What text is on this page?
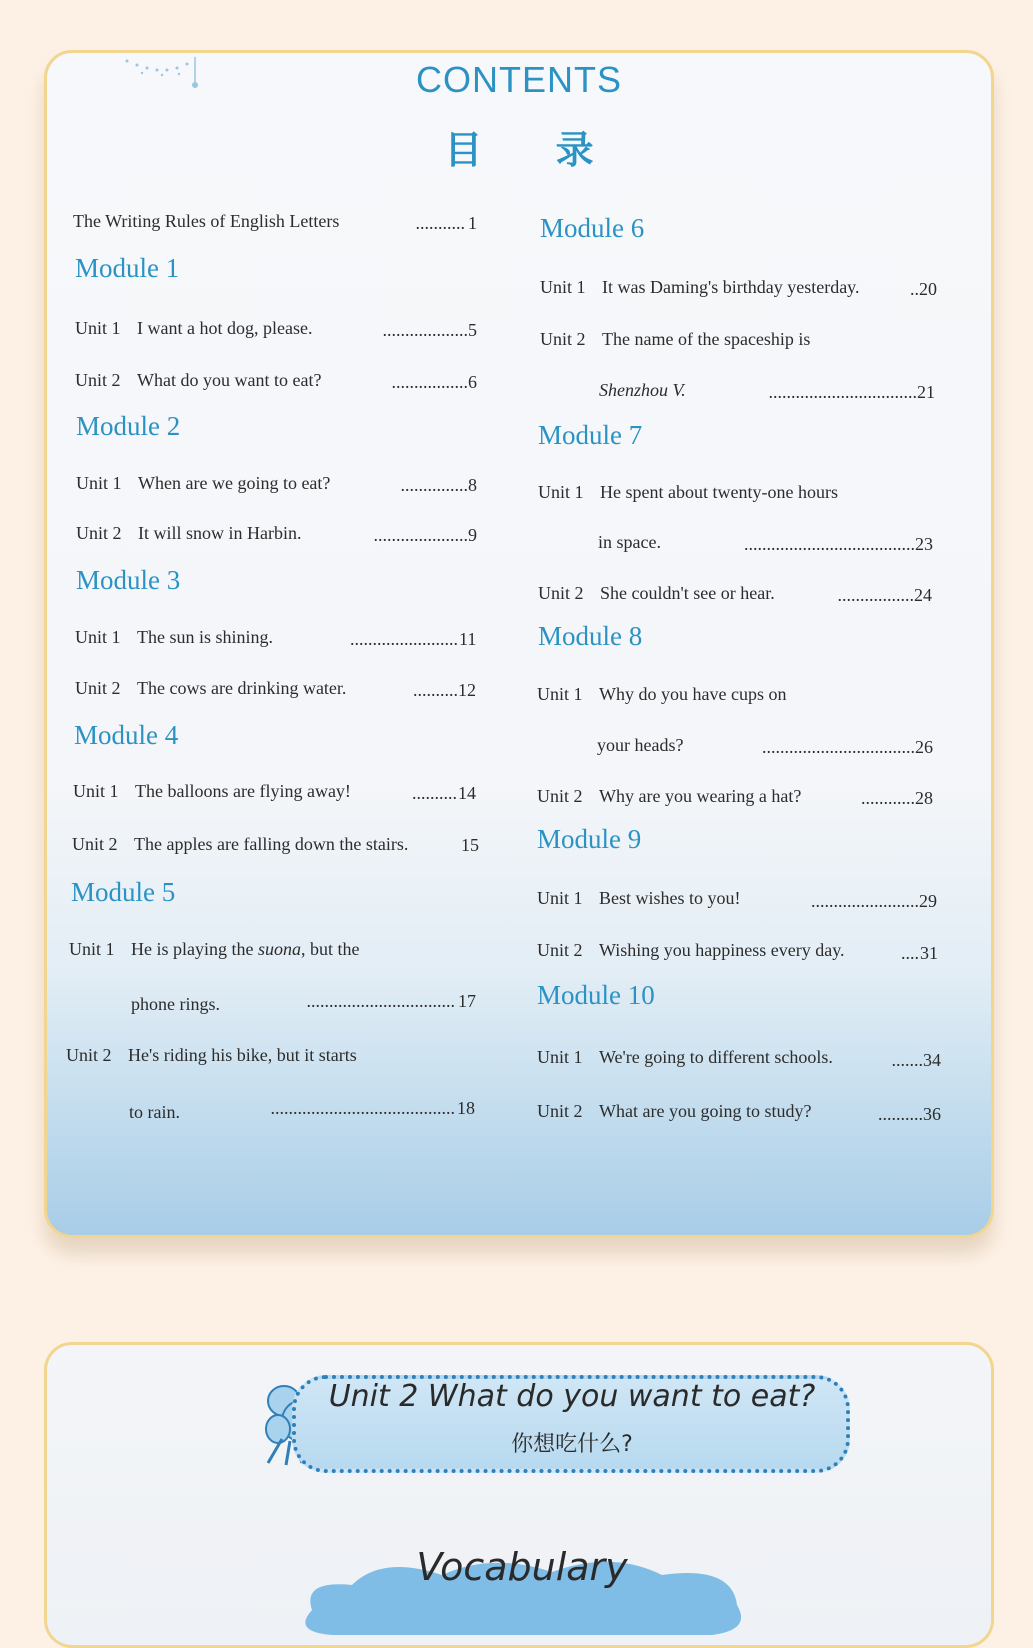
CONTENTS
目 录
The Writing Rules of English Letters	........... 1
Module 1
Unit 1 I want a hot dog, please.	................... 5
Unit 2 What do you want to eat?	................. 6
Module 2
Unit 1 When are we going to eat?	............... 8
Unit 2 It will snow in Harbin.	..................... 9
Module 3
Unit 1 The sun is shining.	........................ 11
Unit 2 The cows are drinking water.	.......... 12
Module 4
Unit 1 The balloons are flying away!	.......... 14
Unit 2 The apples are falling down the stairs.	15
Module 5
Unit 1 He is playing the suona, but the
phone rings.	................................. 17
Unit 2 He's riding his bike, but it starts
to rain.	......................................... 18
Module 6
Unit 1 It was Daming's birthday yesterday.	.. 20
Unit 2 The name of the spaceship is
Shenzhou V.	................................. 21
Module 7
Unit 1 He spent about twenty-one hours
in space.	...................................... 23
Unit 2 She couldn't see or hear.	................. 24
Module 8
Unit 1 Why do you have cups on
your heads?	.................................. 26
Unit 2 Why are you wearing a hat?	............ 28
Module 9
Unit 1 Best wishes to you!	........................ 29
Unit 2 Wishing you happiness every day.	.... 31
Module 10
Unit 1 We're going to different schools.	....... 34
Unit 2 What are you going to study?	.......... 36
Unit 2 What do you want to eat?
你想吃什么?
Vocabulary
